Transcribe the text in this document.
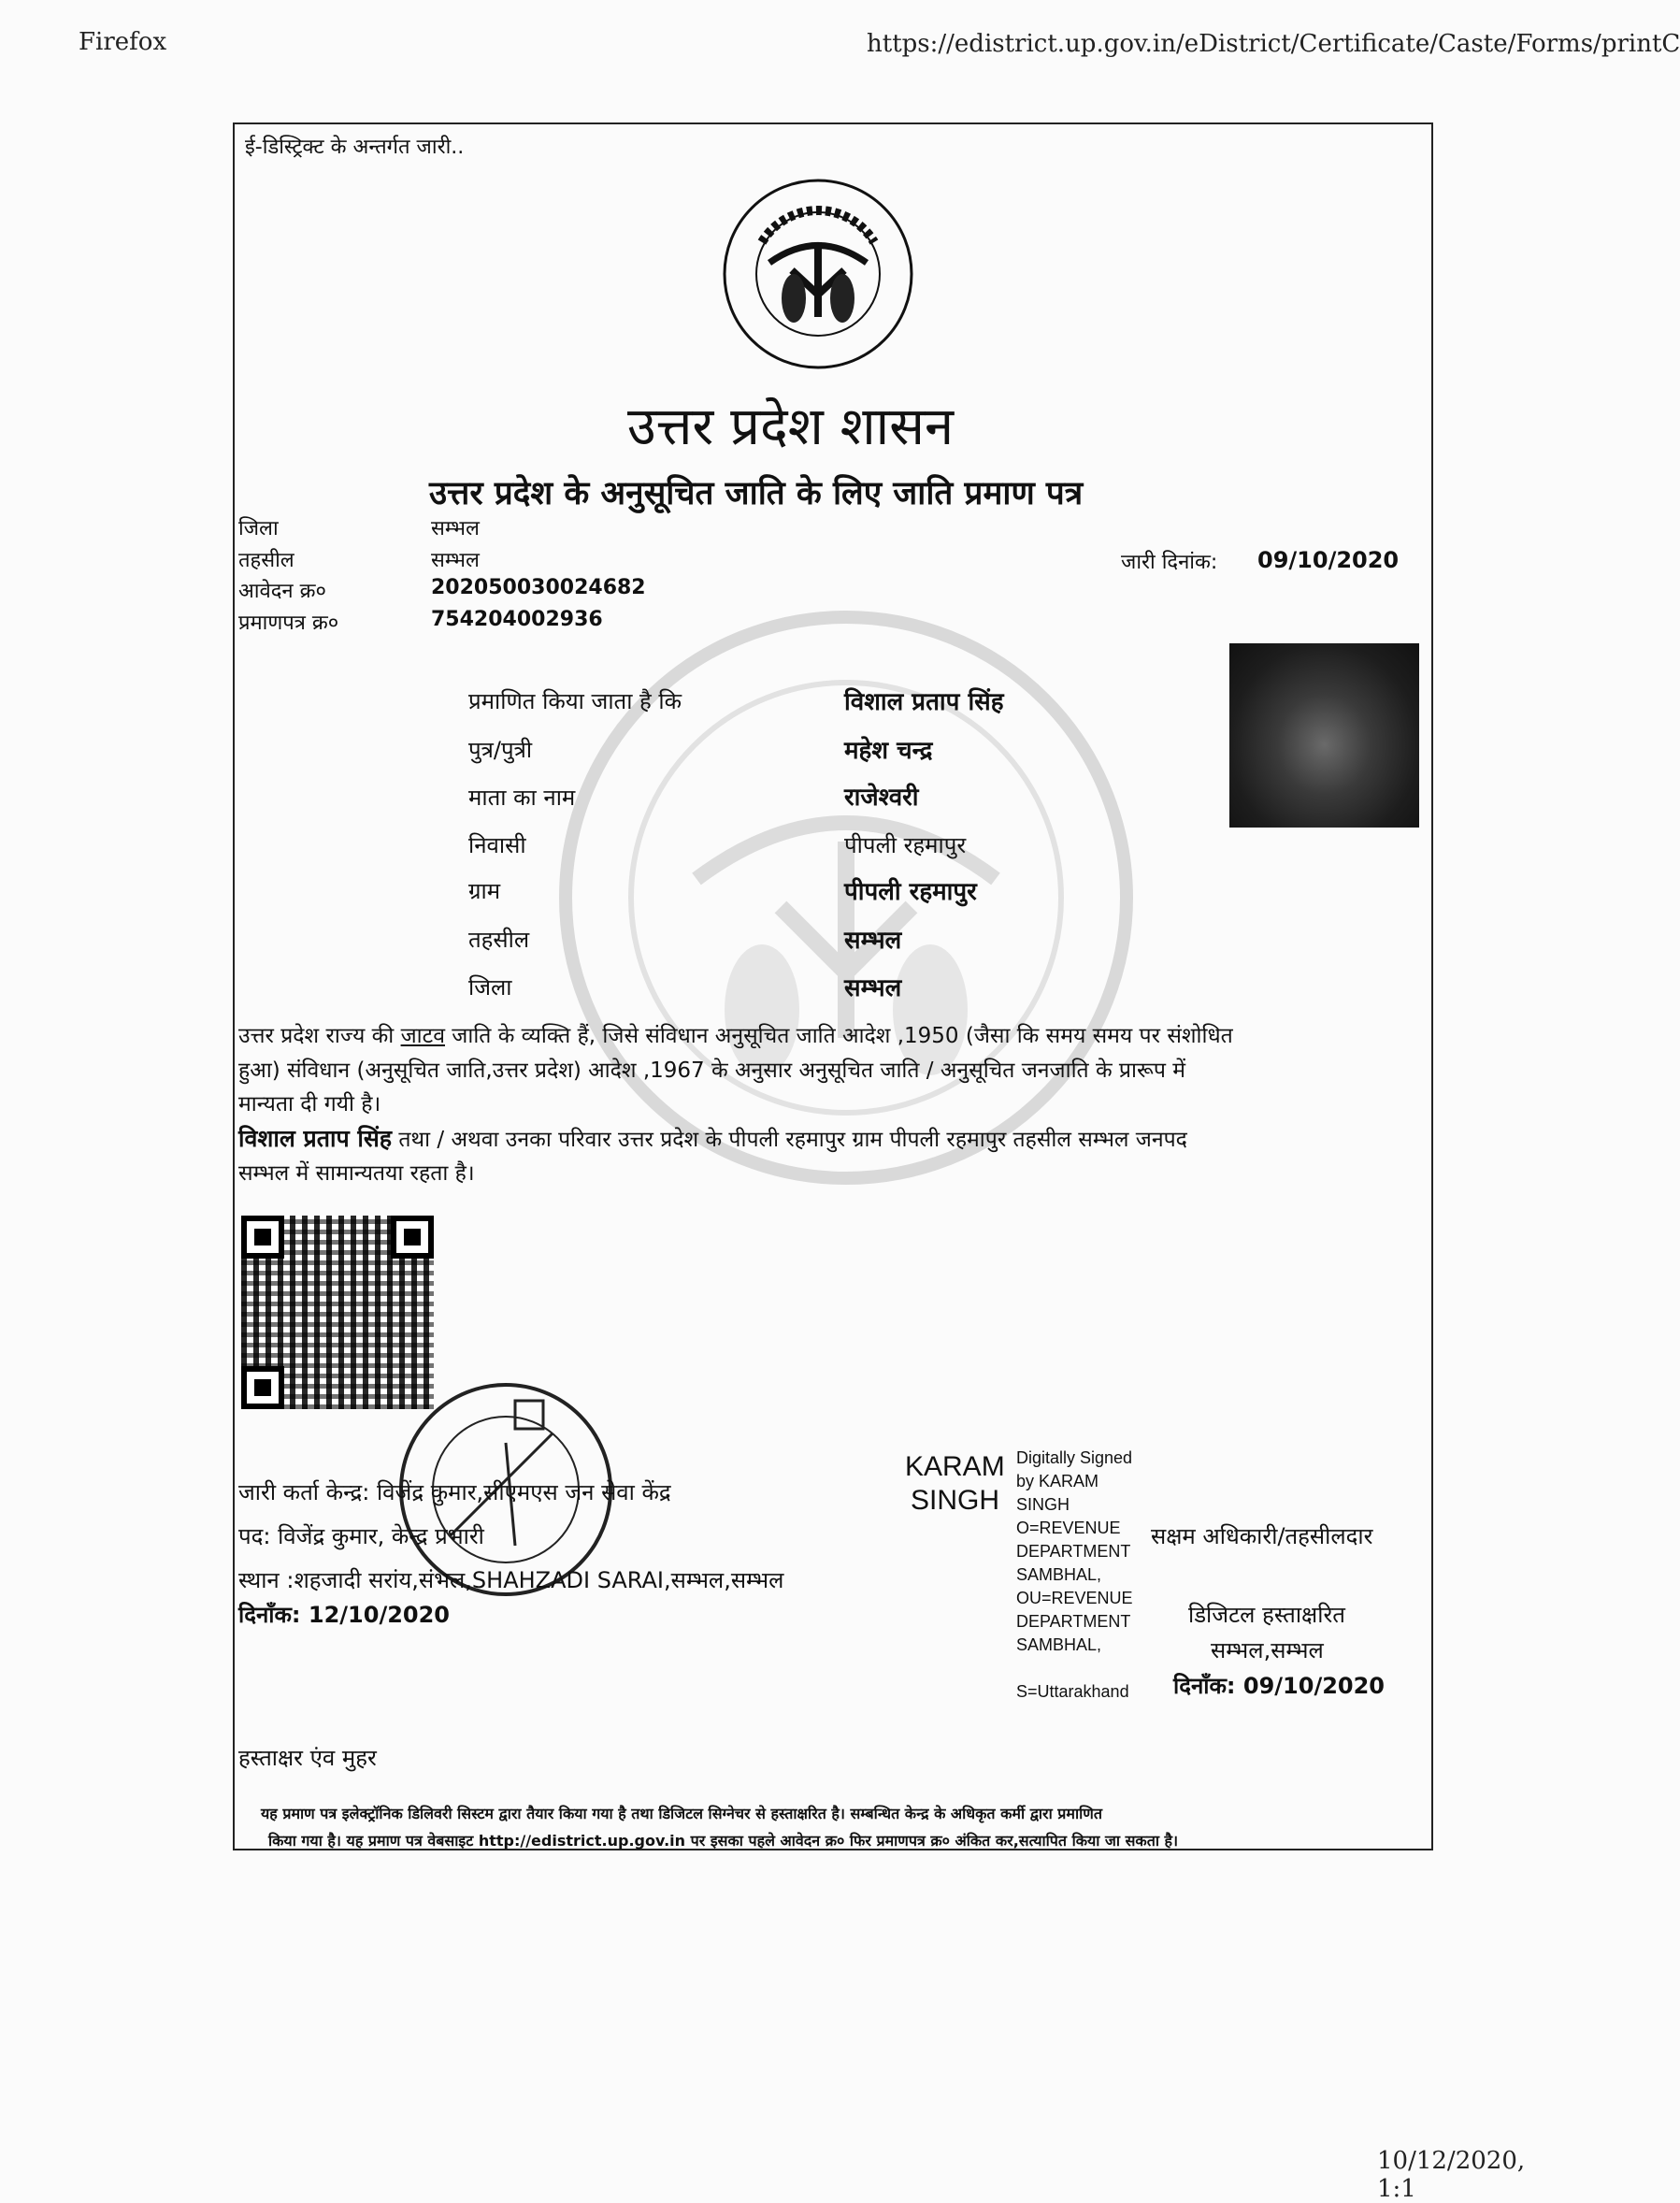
Firefox	https://edistrict.up.gov.in/eDistrict/Certificate/Caste/Forms/printC
10/12/2020, 1:1
ई-डिस्ट्रिक्ट के अन्तर्गत जारी..
उत्तर प्रदेश शासन
उत्तर प्रदेश के अनुसूचित जाति के लिए जाति प्रमाण पत्र
जिला	सम्भल
तहसील	सम्भल
आवेदन क्र०	202050030024682
प्रमाणपत्र क्र०	754204002936
जारी दिनांक: 09/10/2020
प्रमाणित किया जाता है कि	विशाल प्रताप सिंह
पुत्र/पुत्री	महेश चन्द्र
माता का नाम	राजेश्वरी
निवासी	पीपली रहमापुर
ग्राम	पीपली रहमापुर
तहसील	सम्भल
जिला	सम्भल
उत्तर प्रदेश राज्य की जाटव जाति के व्यक्ति हैं, जिसे संविधान अनुसूचित जाति आदेश ,1950 (जैसा कि समय समय पर संशोधित
हुआ) संविधान (अनुसूचित जाति,उत्तर प्रदेश) आदेश ,1967 के अनुसार अनुसूचित जाति / अनुसूचित जनजाति के प्रारूप में
मान्यता दी गयी है।
विशाल प्रताप सिंह तथा / अथवा उनका परिवार उत्तर प्रदेश के पीपली रहमापुर ग्राम पीपली रहमापुर तहसील सम्भल जनपद
सम्भल में सामान्यतया रहता है।
जारी कर्ता केन्द्र: विजेंद्र कुमार,सीएमएस जन सेवा केंद्र
पद: विजेंद्र कुमार, केन्द्र प्रभारी
स्थान :शहजादी सरांय,संभल,SHAHZADI SARAI,सम्भल,सम्भल
दिनाँक: 12/10/2020
KARAM
SINGH
Digitally Signed
by KARAM
SINGH
O=REVENUE
DEPARTMENT
SAMBHAL,
OU=REVENUE
DEPARTMENT
SAMBHAL,
S=Uttarakhand
सक्षम अधिकारी/तहसीलदार
डिजिटल हस्ताक्षरित
सम्भल,सम्भल
दिनाँक: 09/10/2020
हस्ताक्षर एंव मुहर
यह प्रमाण पत्र इलेक्ट्रॉनिक डिलिवरी सिस्टम द्वारा तैयार किया गया है तथा डिजिटल सिग्नेचर से हस्ताक्षरित है। सम्बन्धित केन्द्र के अधिकृत कर्मी द्वारा प्रमाणित
किया गया है। यह प्रमाण पत्र वेबसाइट http://edistrict.up.gov.in पर इसका पहले आवेदन क्र० फिर प्रमाणपत्र क्र० अंकित कर,सत्यापित किया जा सकता है।
